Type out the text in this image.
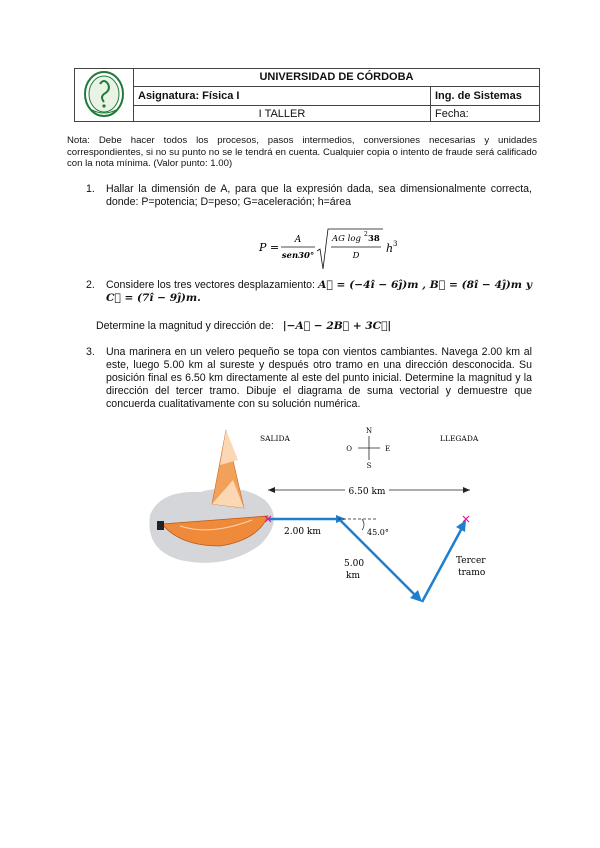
	UNIVERSIDAD DE CÓRDOBA	
	Asignatura: Física I	Ing. de Sistemas
	I TALLER	Fecha:
Nota: Debe hacer todos los procesos, pasos intermedios, conversiones necesarias y unidades correspondientes, si no su punto no se le tendrá en cuenta. Cualquier copia o intento de fraude será calificado con la nota mínima. (Valor punto: 1.00)
1. Hallar la dimensión de A, para que la expresión dada, sea dimensionalmente correcta, donde: P=potencia; D=peso; G=aceleración; h=área
P =
A
sen30°
AG log 2 38
D
h 3
2. Considere los tres vectores desplazamiento: A⃗ = (−4î − 6ĵ)m , B⃗ = (8î − 4ĵ)m y C⃗ = (7î − 9ĵ)m.
Determine la magnitud y dirección de: |−A⃗ − 2B⃗ + 3C⃗|
3. Una marinera en un velero pequeño se topa con vientos cambiantes. Navega 2.00 km al este, luego 5.00 km al sureste y después otro tramo en una dirección desconocida. Su posición final es 6.50 km directamente al este del punto inicial. Determine la magnitud y la dirección del tercer tramo. Dibuje el diagrama de suma vectorial y demuestre que concuerda cualitativamente con su solución numérica.
N
S
E
O
SALIDA	LLEGADA
6.50 km
2.00 km	45.0°
5.00
km
Tercer
tramo
